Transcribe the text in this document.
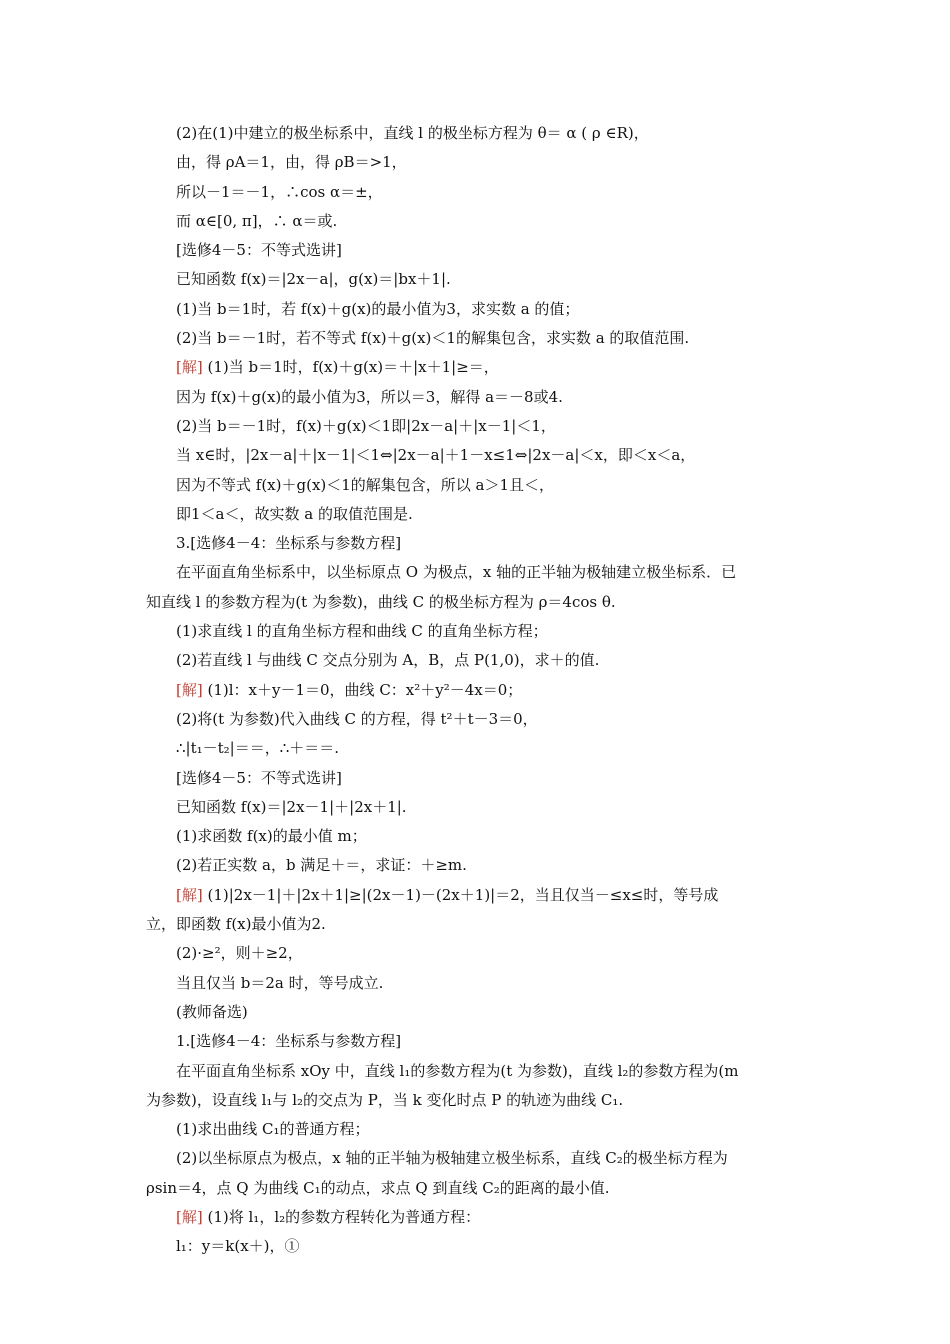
(2)在(1)中建立的极坐标系中，直线 l 的极坐标方程为 θ＝ α ( ρ ∈R)，
由，得 ρA＝1，由，得 ρB＝>1，
所以－1＝－1，∴cos α＝±，
而 α∈[0, π]，∴ α＝或.
[选修4－5：不等式选讲]
已知函数 f(x)＝|2x－a|，g(x)＝|bx＋1|.
(1)当 b＝1时，若 f(x)＋g(x)的最小值为3，求实数 a 的值；
(2)当 b＝－1时，若不等式 f(x)＋g(x)＜1的解集包含，求实数 a 的取值范围.
[解] (1)当 b＝1时，f(x)＋g(x)＝＋|x＋1|≥＝，
因为 f(x)＋g(x)的最小值为3，所以＝3，解得 a＝－8或4.
(2)当 b＝－1时，f(x)＋g(x)＜1即|2x－a|＋|x－1|＜1，
当 x∈时，|2x－a|＋|x－1|＜1⇔|2x－a|＋1－x≤1⇔|2x－a|＜x，即＜x＜a，
因为不等式 f(x)＋g(x)＜1的解集包含，所以 a＞1且＜，
即1＜a＜，故实数 a 的取值范围是.
3.[选修4－4：坐标系与参数方程]
在平面直角坐标系中，以坐标原点 O 为极点，x 轴的正半轴为极轴建立极坐标系．已
知直线 l 的参数方程为(t 为参数)，曲线 C 的极坐标方程为 ρ＝4cos θ.
(1)求直线 l 的直角坐标方程和曲线 C 的直角坐标方程；
(2)若直线 l 与曲线 C 交点分别为 A，B，点 P(1,0)，求＋的值.
[解] (1)l：x＋y－1＝0，曲线 C：x²＋y²－4x＝0；
(2)将(t 为参数)代入曲线 C 的方程，得 t²＋t－3＝0，
∴|t₁－t₂|＝＝，∴＋＝＝.
[选修4－5：不等式选讲]
已知函数 f(x)＝|2x－1|＋|2x＋1|.
(1)求函数 f(x)的最小值 m；
(2)若正实数 a，b 满足＋＝，求证：＋≥m.
[解] (1)|2x－1|＋|2x＋1|≥|(2x－1)－(2x＋1)|＝2，当且仅当－≤x≤时，等号成
立，即函数 f(x)最小值为2.
(2)·≥²，则＋≥2，
当且仅当 b＝2a 时，等号成立.
(教师备选)
1.[选修4－4：坐标系与参数方程]
在平面直角坐标系 xOy 中，直线 l₁的参数方程为(t 为参数)，直线 l₂的参数方程为(m
为参数)，设直线 l₁与 l₂的交点为 P，当 k 变化时点 P 的轨迹为曲线 C₁.
(1)求出曲线 C₁的普通方程；
(2)以坐标原点为极点，x 轴的正半轴为极轴建立极坐标系，直线 C₂的极坐标方程为
ρsin＝4，点 Q 为曲线 C₁的动点，求点 Q 到直线 C₂的距离的最小值.
[解] (1)将 l₁，l₂的参数方程转化为普通方程：
l₁：y＝k(x＋)，①
